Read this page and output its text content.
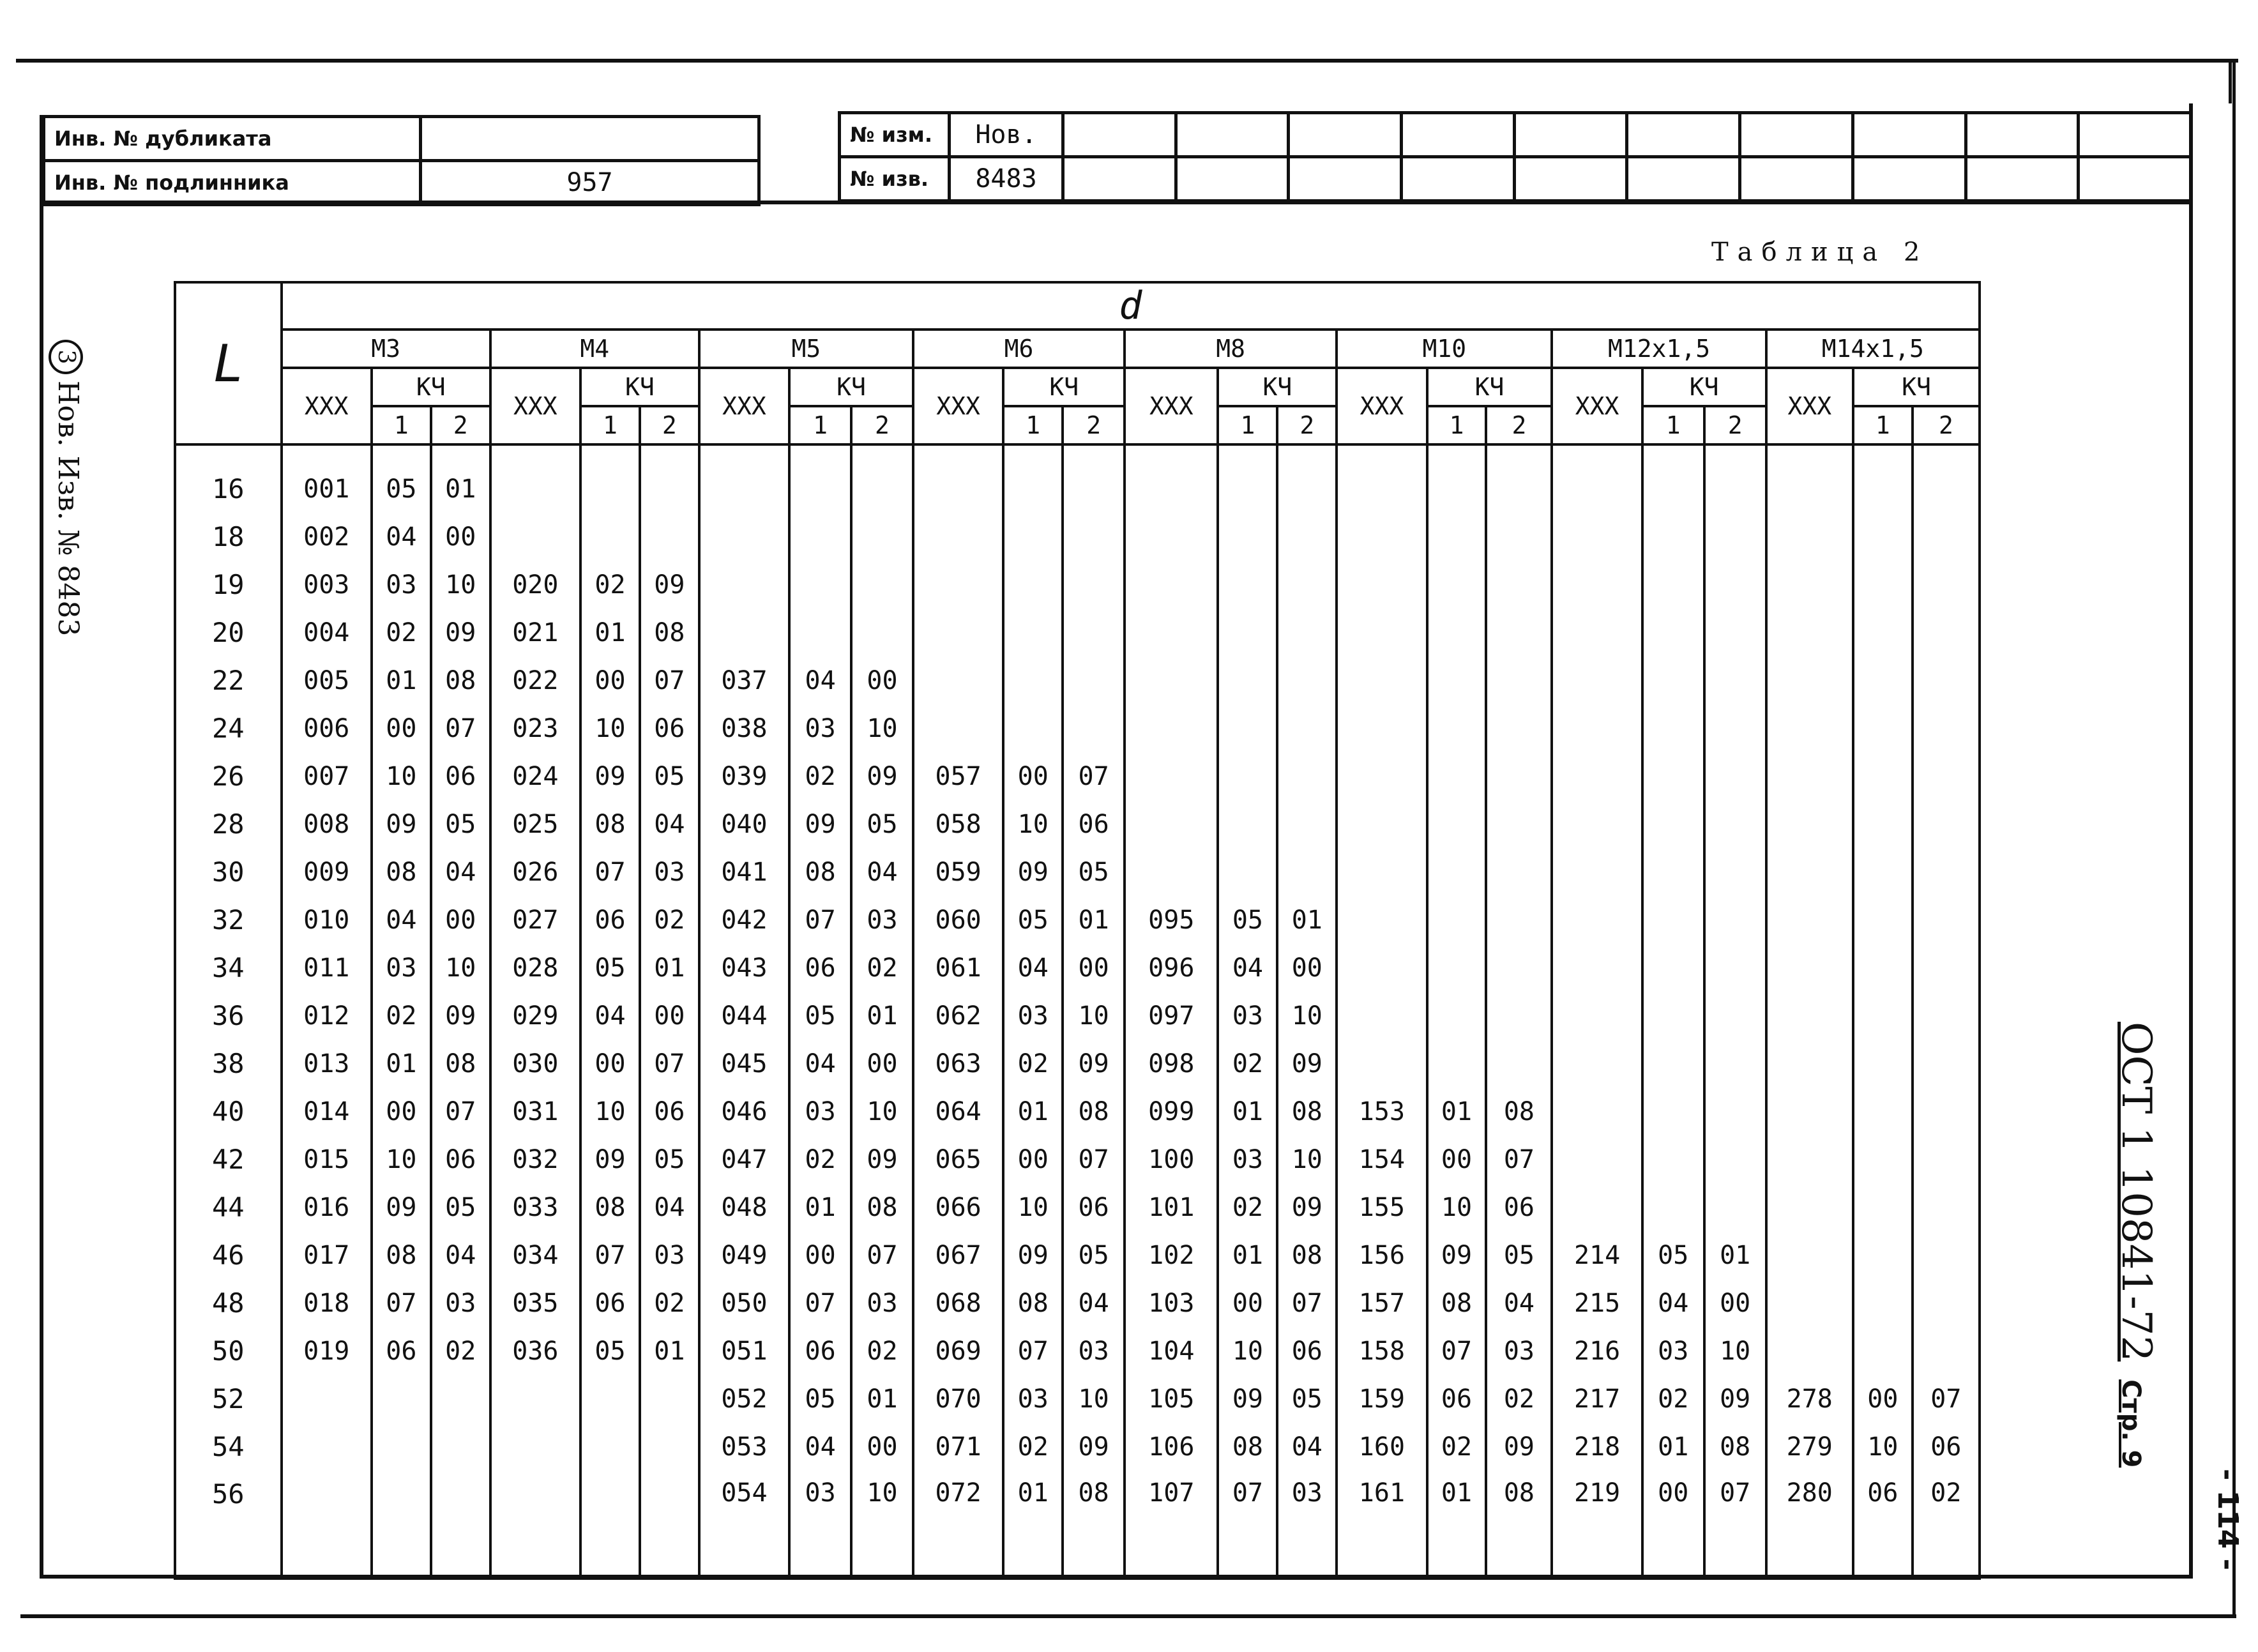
Инв. № дубликата	
Инв. № подлинника	957
№ изм.	Нов.										
№ изв.	8483										
Таблица 2
3Нов. Изв. № 8483
ОСТ 1 10841-72Стр. 9
- 114 -
L	d																							
	М3			М4			М5			М6			М8			М10			М12х1,5			М14х1,5		
	ХХХ	КЧ		ХХХ	КЧ		ХХХ	КЧ		ХХХ	КЧ		ХХХ	КЧ		ХХХ	КЧ		ХХХ	КЧ		ХХХ	КЧ	
		1	2		1	2		1	2		1	2		1	2		1	2		1	2		1	2

16	001	05	01																					
18	002	04	00																					
19	003	03	10	020	02	09																		
20	004	02	09	021	01	08																		
22	005	01	08	022	00	07	037	04	00															
24	006	00	07	023	10	06	038	03	10															
26	007	10	06	024	09	05	039	02	09	057	00	07												
28	008	09	05	025	08	04	040	09	05	058	10	06												
30	009	08	04	026	07	03	041	08	04	059	09	05												
32	010	04	00	027	06	02	042	07	03	060	05	01	095	05	01									
34	011	03	10	028	05	01	043	06	02	061	04	00	096	04	00									
36	012	02	09	029	04	00	044	05	01	062	03	10	097	03	10									
38	013	01	08	030	00	07	045	04	00	063	02	09	098	02	09									
40	014	00	07	031	10	06	046	03	10	064	01	08	099	01	08	153	01	08						
42	015	10	06	032	09	05	047	02	09	065	00	07	100	03	10	154	00	07						
44	016	09	05	033	08	04	048	01	08	066	10	06	101	02	09	155	10	06						
46	017	08	04	034	07	03	049	00	07	067	09	05	102	01	08	156	09	05	214	05	01			
48	018	07	03	035	06	02	050	07	03	068	08	04	103	00	07	157	08	04	215	04	00			
50	019	06	02	036	05	01	051	06	02	069	07	03	104	10	06	158	07	03	216	03	10			
52							052	05	01	070	03	10	105	09	05	159	06	02	217	02	09	278	00	07
54							053	04	00	071	02	09	106	08	04	160	02	09	218	01	08	279	10	06
56							054	03	10	072	01	08	107	07	03	161	01	08	219	00	07	280	06	02
